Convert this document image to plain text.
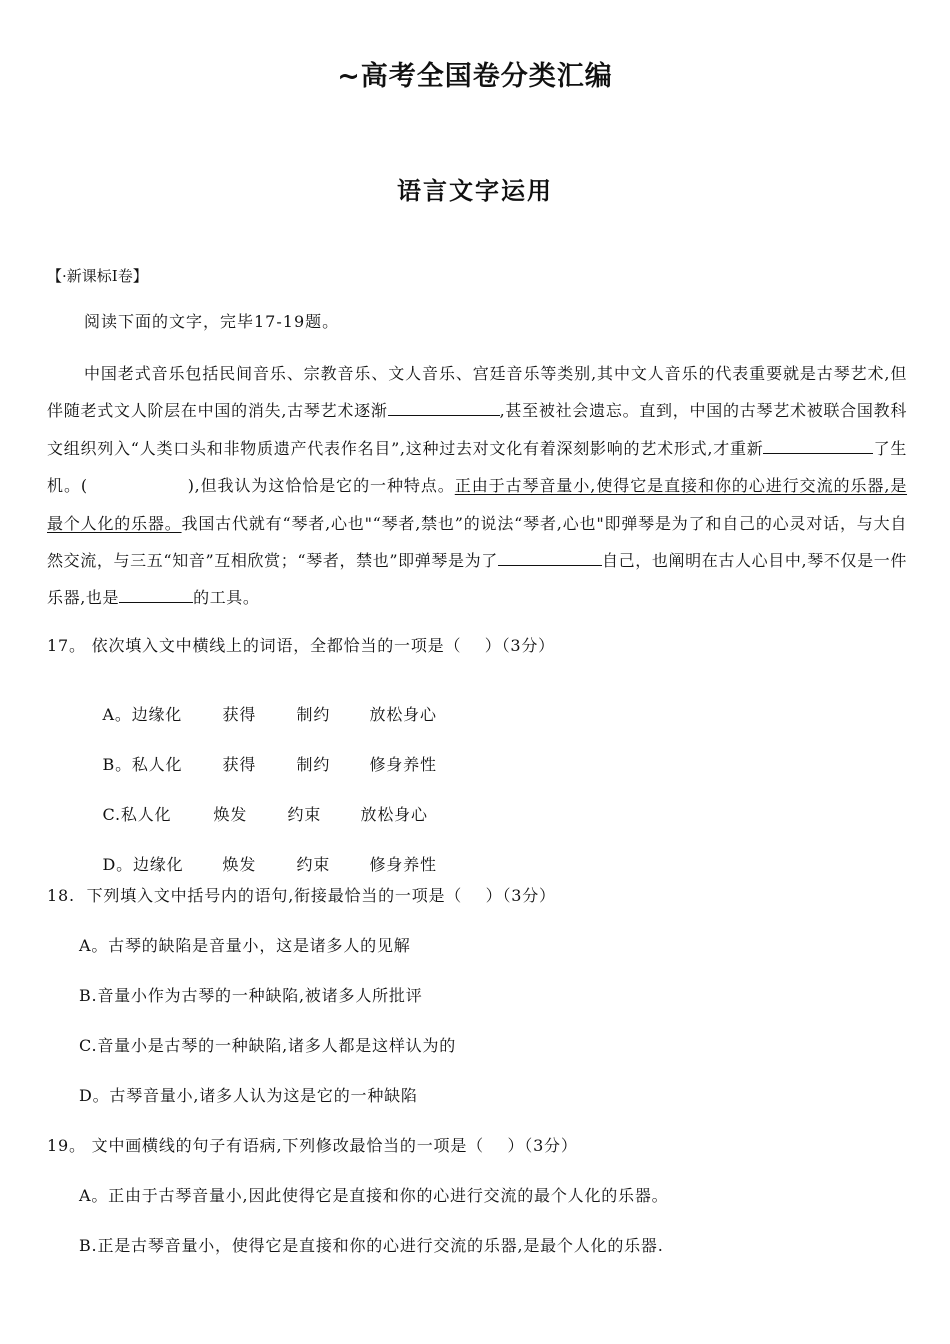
~高考全国卷分类汇编
语言文字运用
【·新课标Ⅰ卷】
阅读下面的文字，完毕17-19题。
中国老式音乐包括民间音乐、宗教音乐、文人音乐、宫廷音乐等类别,其中文人音乐的代表重要就是古琴艺术,但伴随老式文人阶层在中国的消失,古琴艺术逐渐	,甚至被社会遗忘。直到，中国的古琴艺术被联合国教科文组织列入“人类口头和非物质遗产代表作名目”,这种过去对文化有着深刻影响的艺术形式,才重新	了生机。(	),但我认为这恰恰是它的一种特点。正由于古琴音量小,使得它是直接和你的心进行交流的乐器,是最个人化的乐器。我国古代就有“琴者,心也"“琴者,禁也”的说法“琴者,心也"即弹琴是为了和自己的心灵对话，与大自然交流，与三五“知音”互相欣赏；“琴者，禁也”即弹琴是为了	自己，也阐明在古人心目中,琴不仅是一件乐器,也是	的工具。
17。 依次填入文中横线上的词语，全都恰当的一项是（    ）（3分）

A。边缘化	获得	制约 放松身心

B。私人化	获得	制约 修身养性

C.私人化	焕发	约束 放松身心

D。边缘化 焕发	约束 修身养性

18.  下列填入文中括号内的语句,衔接最恰当的一项是（    ）（3分）
A。古琴的缺陷是音量小，这是诸多人的见解
B.音量小作为古琴的一种缺陷,被诸多人所批评
C.音量小是古琴的一种缺陷,诸多人都是这样认为的
D。古琴音量小,诸多人认为这是它的一种缺陷
19。 文中画横线的句子有语病,下列修改最恰当的一项是（    ）（3分）
A。正由于古琴音量小,因此使得它是直接和你的心进行交流的最个人化的乐器。
B.正是古琴音量小，使得它是直接和你的心进行交流的乐器,是最个人化的乐器.
